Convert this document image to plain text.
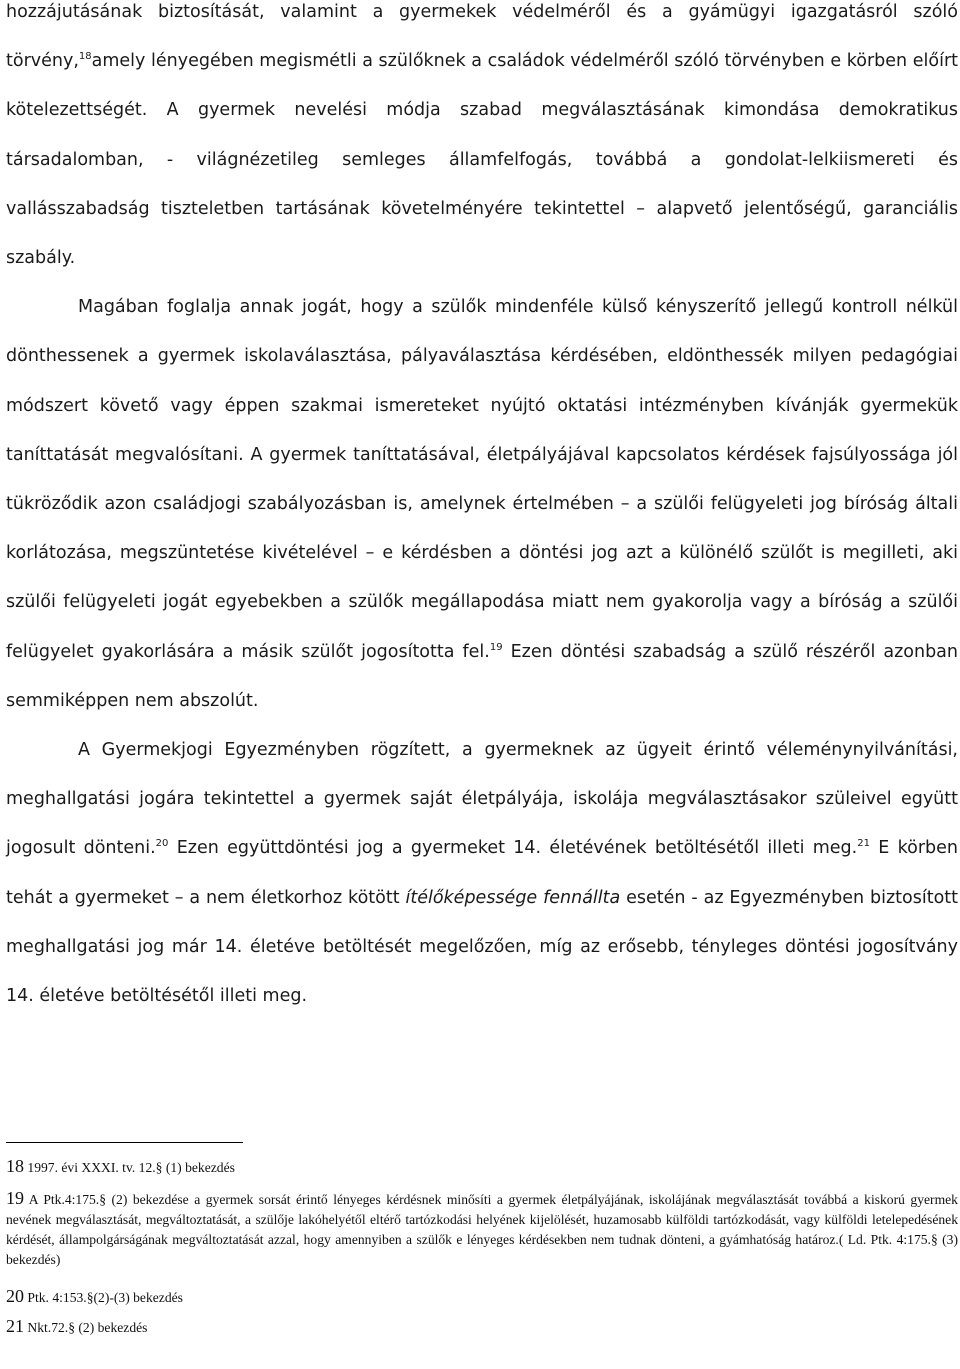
hozzájutásának biztosítását, valamint a gyermekek védelméről és a gyámügyi igazgatásról szóló törvény,$^{18}$amely lényegében megismétli a szülőknek a családok védelméről szóló törvényben e körben előírt kötelezettségét. A gyermek nevelési módja szabad megválasztásának kimondása demokratikus társadalomban, - világnézetileg semleges államfelfogás, továbbá a gondolat-lelkiismereti és vallásszabadság tiszteletben tartásának követelményére tekintettel – alapvető jelentőségű, garanciális szabály.

Magában foglalja annak jogát, hogy a szülők mindenféle külső kényszerítő jellegű kontroll nélkül dönthessenek a gyermek iskolaválasztása, pályaválasztása kérdésében, eldönthessék milyen pedagógiai módszert követő vagy éppen szakmai ismereteket nyújtó oktatási intézményben kívánják gyermekük taníttatását megvalósítani. A gyermek taníttatásával, életpályájával kapcsolatos kérdések fajsúlyossága jól tükröződik azon családjogi szabályozásban is, amelynek értelmében – a szülői felügyeleti jog bíróság általi korlátozása, megszüntetése kivételével – e kérdésben a döntési jog azt a különélő szülőt is megilleti, aki szülői felügyeleti jogát egyebekben a szülők megállapodása miatt nem gyakorolja vagy a bíróság a szülői felügyelet gyakorlására a másik szülőt jogosította fel.$^{19}$ Ezen döntési szabadság a szülő részéről azonban semmiképpen nem abszolút.

A Gyermekjogi Egyezményben rögzített, a gyermeknek az ügyeit érintő véleménynyilvánítási, meghallgatási jogára tekintettel a gyermek saját életpályája, iskolája megválasztásakor szüleivel együtt jogosult dönteni.$^{20}$ Ezen együttdöntési jog a gyermeket 14. életévének betöltésétől illeti meg.$^{21}$ E körben tehát a gyermeket – a nem életkorhoz kötött ítélőképessége fennállta esetén - az Egyezményben biztosított meghallgatási jog már 14. életéve betöltését megelőzően, míg az erősebb, tényleges döntési jogosítvány 14. életéve betöltésétől illeti meg.

18 1997. évi XXXI. tv. 12.§ (1) bekezdés

19 A Ptk.4:175.§ (2) bekezdése a gyermek sorsát érintő lényeges kérdésnek minősíti a gyermek életpályájának, iskolájának megválasztását továbbá a kiskorú gyermek nevének megválasztását, megváltoztatását, a szülője lakóhelyétől eltérő tartózkodási helyének kijelölését, huzamosabb külföldi tartózkodását, vagy külföldi letelepedésének kérdését, állampolgárságának megváltoztatását azzal, hogy amennyiben a szülők e lényeges kérdésekben nem tudnak dönteni, a gyámhatóság határoz.( Ld. Ptk. 4:175.§ (3) bekezdés)

20 Ptk. 4:153.§(2)-(3) bekezdés

21 Nkt.72.§ (2) bekezdés
